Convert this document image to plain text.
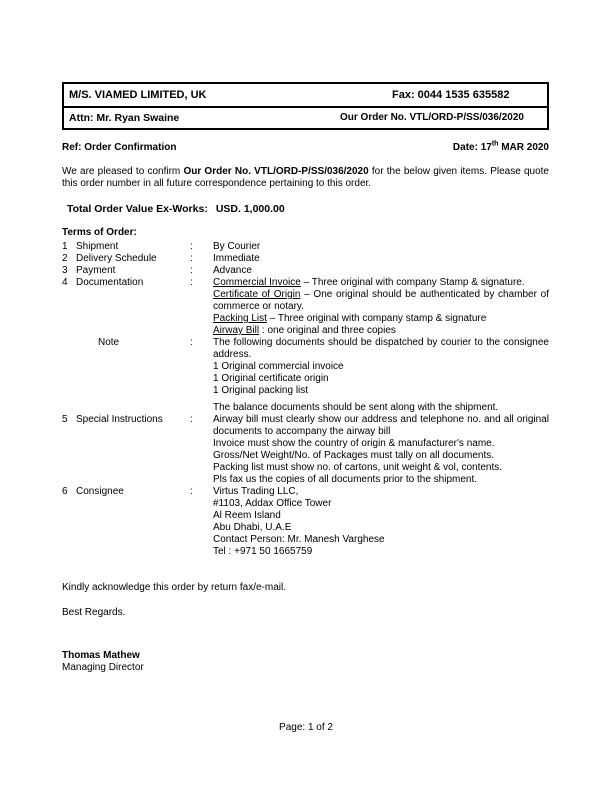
M/S. VIAMED LIMITED, UK	Fax: 0044 1535 635582
Attn: Mr. Ryan Swaine	Our Order No. VTL/ORD-P/SS/036/2020
Ref: Order Confirmation	Date: 17th MAR 2020
We are pleased to confirm Our Order No. VTL/ORD-P/SS/036/2020 for the below given items. Please quote this order number in all future correspondence pertaining to this order.
Total Order Value Ex-Works: USD. 1,000.00
Terms of Order:
1 Shipment	:	By Courier
2 Delivery Schedule	:	Immediate
3 Payment	:	Advance
4 Documentation	:	Commercial Invoice – Three original with company Stamp & signature.
Certificate of Origin – One original should be authenticated by chamber of commerce or notary.
Packing List – Three original with company stamp & signature
Airway Bill : one original and three copies
Note	:	The following documents should be dispatched by courier to the consignee address.
1 Original commercial invoice
1 Original certificate origin
1 Original packing list
The balance documents should be sent along with the shipment.
5 Special Instructions	:	Airway bill must clearly show our address and telephone no. and all original documents to accompany the airway bill
Invoice must show the country of origin & manufacturer's name.
Gross/Net Weight/No. of Packages must tally on all documents.
Packing list must show no. of cartons, unit weight & vol, contents.
Pls fax us the copies of all documents prior to the shipment.
6 Consignee	:	Virtus Trading LLC,
#1103, Addax Office Tower
Al Reem Island
Abu Dhabi, U.A.E
Contact Person: Mr. Manesh Varghese
Tel : +971 50 1665759
Kindly acknowledge this order by return fax/e-mail.
Best Regards.
Thomas Mathew
Managing Director
Page: 1 of 2
